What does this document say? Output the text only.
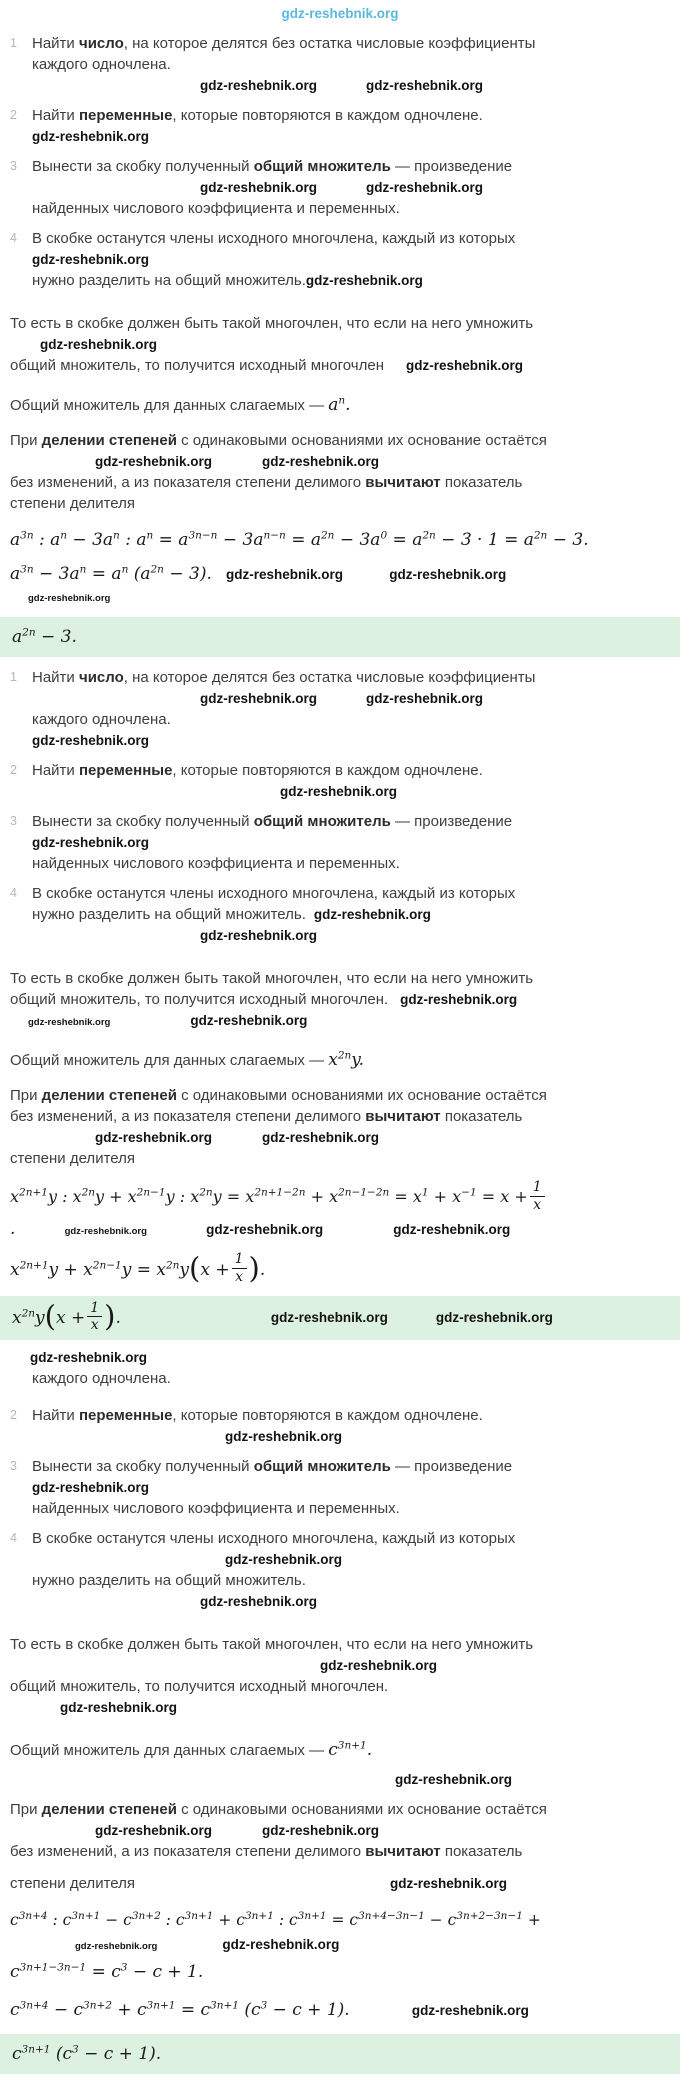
gdz-reshebnik.org
1	Найти число, на которое делятся без остатка числовые коэффициенты
каждого одночлена.
gdz-reshebnik.org	gdz-reshebnik.org
2	Найти переменные, которые повторяются в каждом одночлене.
gdz-reshebnik.org
3	Вынести за скобку полученный общий множитель — произведение
gdz-reshebnik.org	gdz-reshebnik.org
найденных числового коэффициента и переменных.
4	В скобке останутся члены исходного многочлена, каждый из которых
gdz-reshebnik.org
нужно разделить на общий множитель.gdz-reshebnik.org
То есть в скобке должен быть такой многочлен, что если на него умножить
gdz-reshebnik.org
общий множитель, то получится исходный многочлен gdz-reshebnik.org
Общий множитель для данных слагаемых — $a^n$.
При делении степеней с одинаковыми основаниями их основание остаётся
gdz-reshebnik.org	gdz-reshebnik.org
без изменений, а из показателя степени делимого вычитают показатель
степени делителя
$a^{3n}$ : $a^n - 3a^n$ : $a^n = a^{3n-n} - 3a^{n-n} = a^{2n} - 3a^0 = a^{2n} - 3 \cdot 1 = a^{2n} - 3$.
$a^{3n} - 3a^n = a^n$ $(a^{2n} - 3)$. gdz-reshebnik.org	gdz-reshebnik.org
gdz-reshebnik.org
$a^{2n} - 3$.
1	Найти число, на которое делятся без остатка числовые коэффициенты
gdz-reshebnik.org	gdz-reshebnik.org
каждого одночлена.
gdz-reshebnik.org
2	Найти переменные, которые повторяются в каждом одночлене.
gdz-reshebnik.org
3	Вынести за скобку полученный общий множитель — произведение
gdz-reshebnik.org
найденных числового коэффициента и переменных.
4	В скобке останутся члены исходного многочлена, каждый из которых
нужно разделить на общий множитель. gdz-reshebnik.org
gdz-reshebnik.org
То есть в скобке должен быть такой многочлен, что если на него умножить
общий множитель, то получится исходный многочлен. gdz-reshebnik.org
gdz-reshebnik.org	gdz-reshebnik.org
Общий множитель для данных слагаемых — $x^{2n}y$.
При делении степеней с одинаковыми основаниями их основание остаётся
без изменений, а из показателя степени делимого вычитают показатель
gdz-reshebnik.org	gdz-reshebnik.org
степени делителя
$x^{2n+1}y$ : $x^{2n}y + x^{2n-1}y$ : $x^{2n}y = x^{2n+1-2n} + x^{2n-1-2n} = x^1 + x^{-1} = x + \frac{1}{x}$
.	gdz-reshebnik.org	gdz-reshebnik.org	gdz-reshebnik.org
$x^{2n+1}y + x^{2n-1}y = x^{2n}y$ ( $x + \frac{1}{x}$ ) .
$x^{2n}y$ ( $x + \frac{1}{x}$ ) .	gdz-reshebnik.org	gdz-reshebnik.org
gdz-reshebnik.org
каждого одночлена.
2	Найти переменные, которые повторяются в каждом одночлене.
gdz-reshebnik.org
3	Вынести за скобку полученный общий множитель — произведение
gdz-reshebnik.org
найденных числового коэффициента и переменных.
4	В скобке останутся члены исходного многочлена, каждый из которых
gdz-reshebnik.org
нужно разделить на общий множитель.
gdz-reshebnik.org
То есть в скобке должен быть такой многочлен, что если на него умножить
gdz-reshebnik.org
общий множитель, то получится исходный многочлен.
gdz-reshebnik.org
Общий множитель для данных слагаемых — $c^{3n+1}$.
gdz-reshebnik.org
При делении степеней с одинаковыми основаниями их основание остаётся
gdz-reshebnik.org	gdz-reshebnik.org
без изменений, а из показателя степени делимого вычитают показатель
степени делителя	gdz-reshebnik.org
$c^{3n+4}$ : $c^{3n+1} - c^{3n+2}$ : $c^{3n+1} + c^{3n+1}$ : $c^{3n+1} = c^{3n+4-3n-1} - c^{3n+2-3n-1}$ +
gdz-reshebnik.org	gdz-reshebnik.org
$c^{3n+1-3n-1} = c^3 - c + 1$.
$c^{3n+4} - c^{3n+2} + c^{3n+1} = c^{3n+1}$ $(c^3 - c + 1)$.	gdz-reshebnik.org
$c^{3n+1}$ $(c^3 - c + 1)$.
